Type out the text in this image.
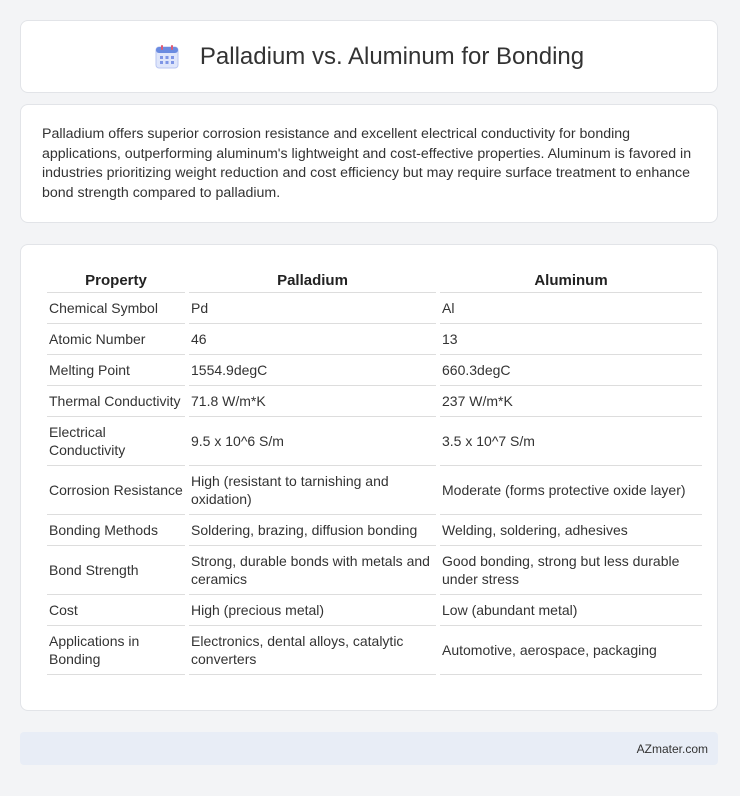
Palladium vs. Aluminum for Bonding

Palladium offers superior corrosion resistance and excellent electrical conductivity for bonding applications, outperforming aluminum's lightweight and cost-effective properties. Aluminum is favored in industries prioritizing weight reduction and cost efficiency but may require surface treatment to enhance bond strength compared to palladium.

Property	Palladium	Aluminum
Chemical Symbol	Pd	Al
Atomic Number	46	13
Melting Point	1554.9degC	660.3degC
Thermal Conductivity	71.8 W/m*K	237 W/m*K
Electrical Conductivity	9.5 x 10^6 S/m	3.5 x 10^7 S/m
Corrosion Resistance	High (resistant to tarnishing and oxidation)	Moderate (forms protective oxide layer)
Bonding Methods	Soldering, brazing, diffusion bonding	Welding, soldering, adhesives
Bond Strength	Strong, durable bonds with metals and ceramics	Good bonding, strong but less durable under stress
Cost	High (precious metal)	Low (abundant metal)
Applications in Bonding	Electronics, dental alloys, catalytic converters	Automotive, aerospace, packaging
AZmater.com
